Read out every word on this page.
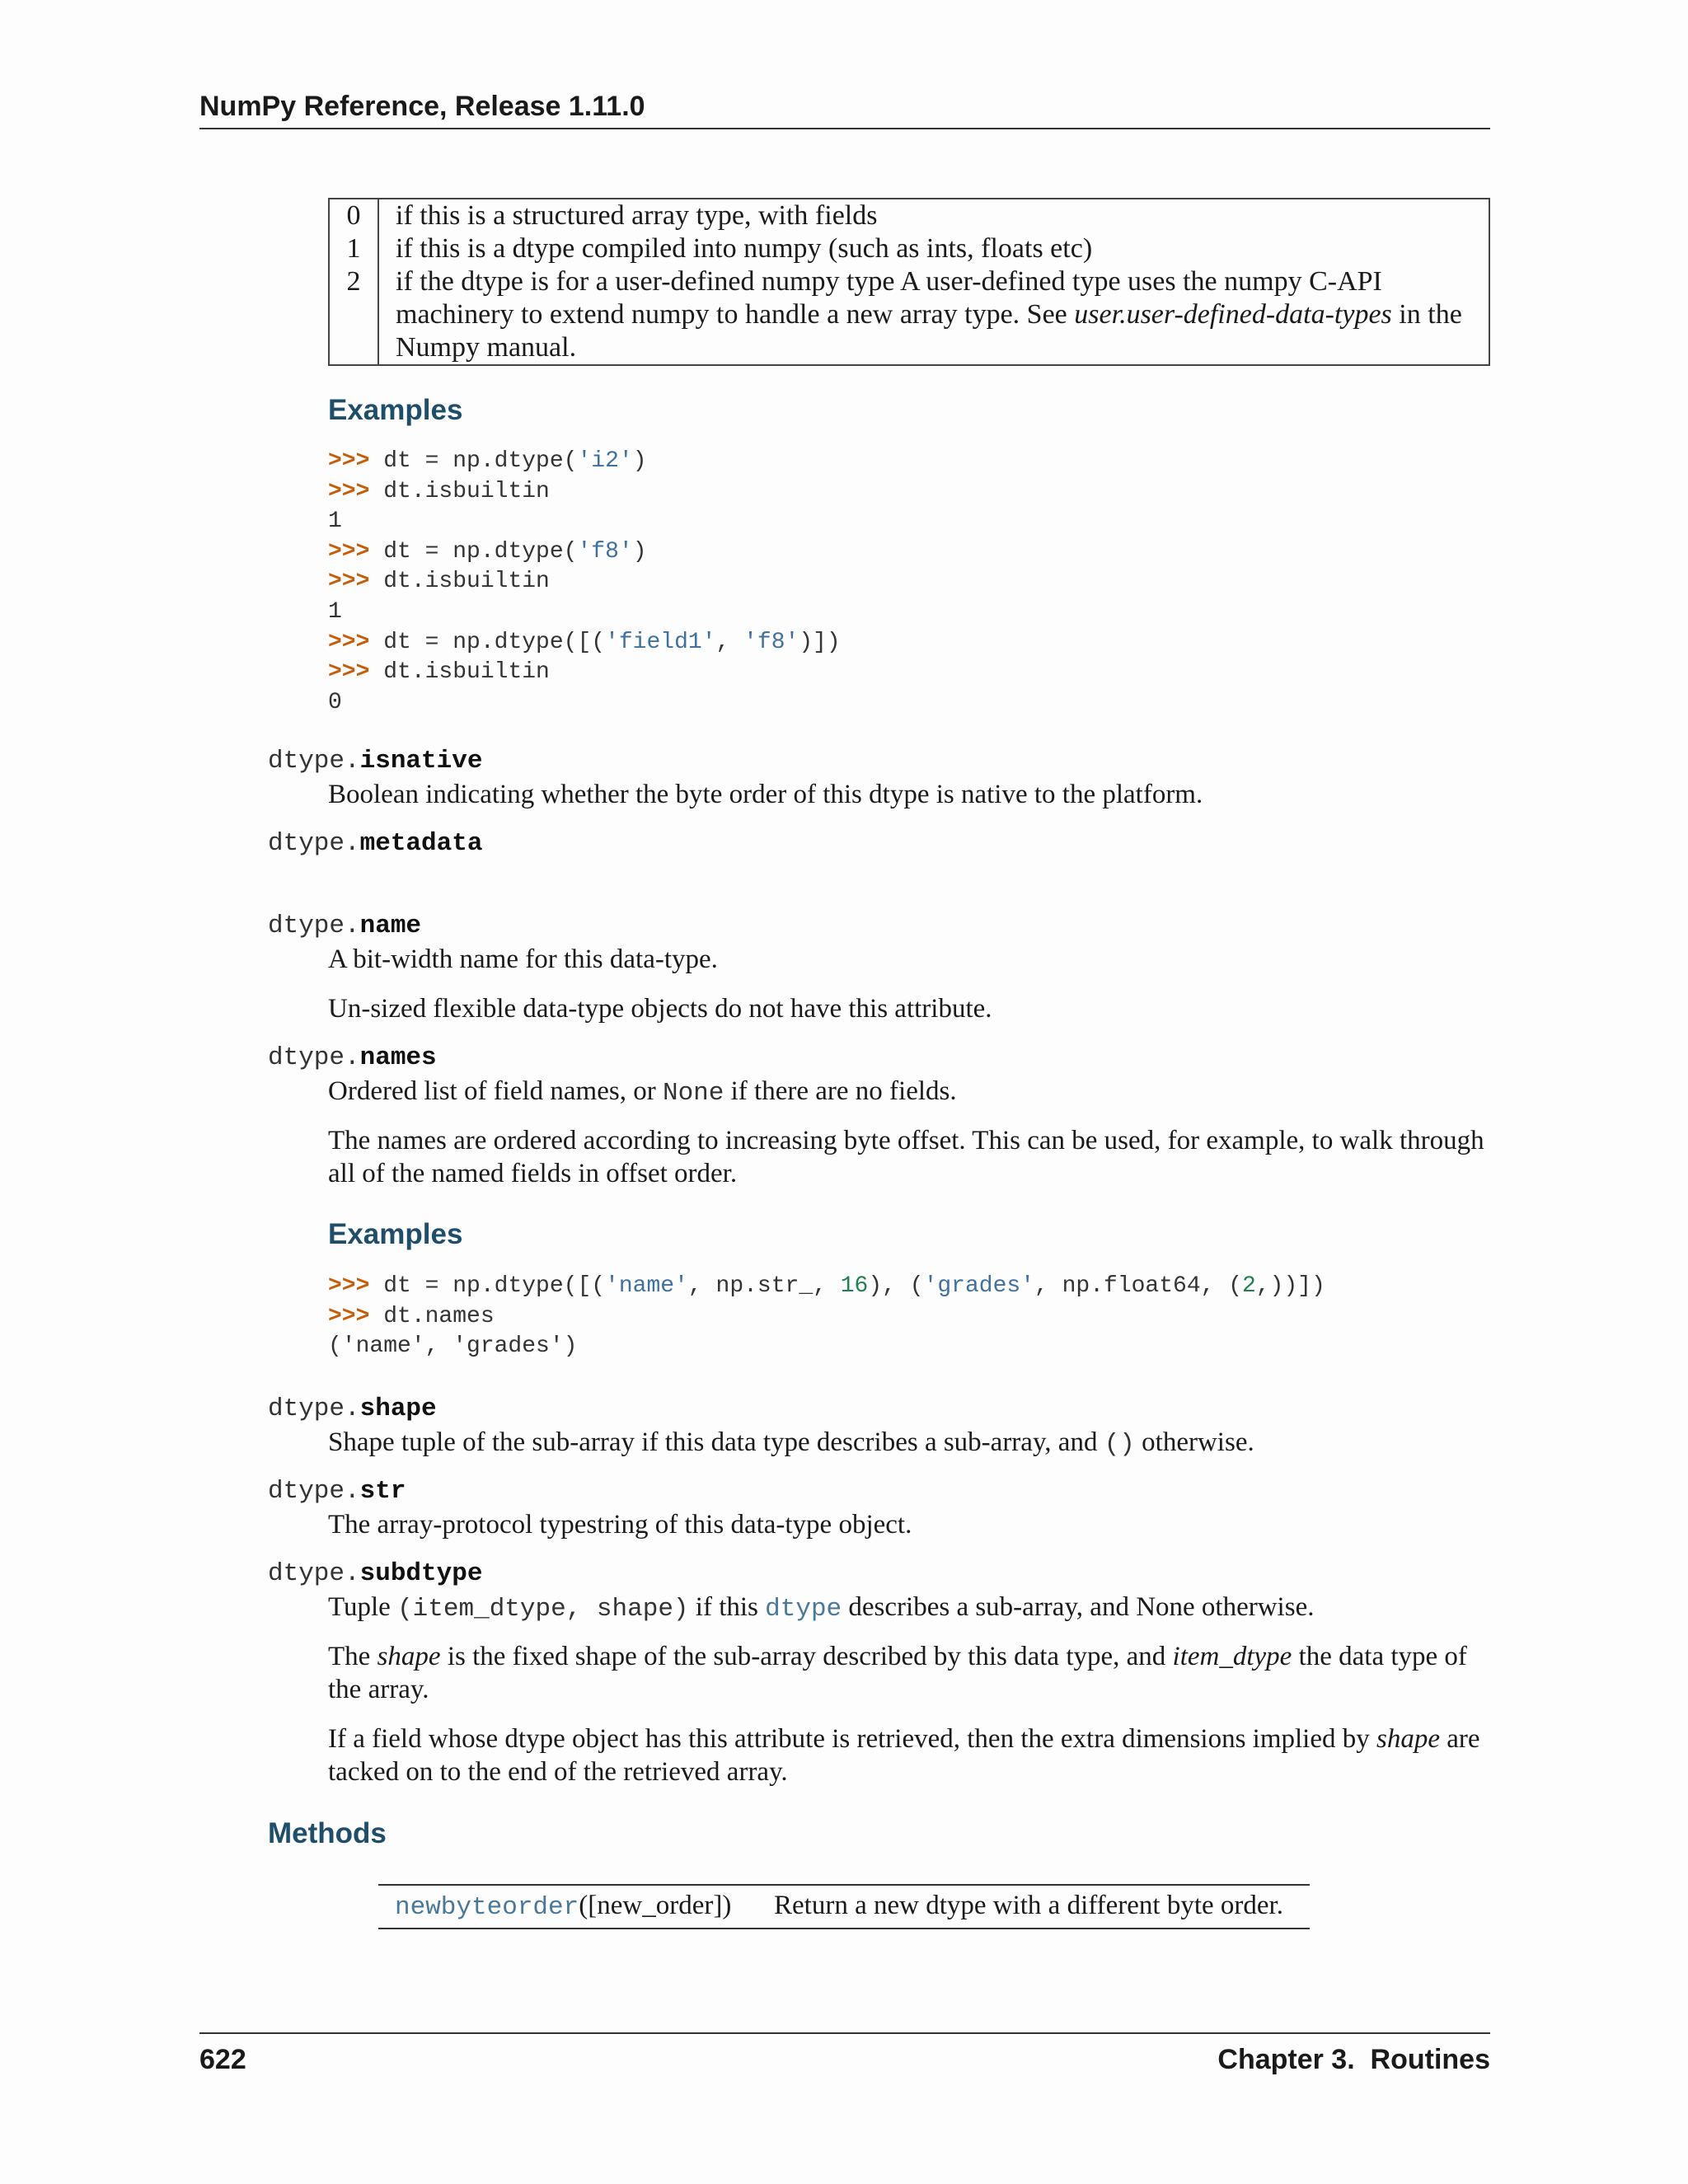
NumPy Reference, Release 1.11.0
0	if this is a structured array type, with fields
1	if this is a dtype compiled into numpy (such as ints, floats etc)
2	if the dtype is for a user-defined numpy type A user-defined type uses the numpy C-API machinery to extend numpy to handle a new array type. See user.user-defined-data-types in the Numpy manual.
Examples
>>> dt = np.dtype('i2')
>>> dt.isbuiltin
1
>>> dt = np.dtype('f8')
>>> dt.isbuiltin
1
>>> dt = np.dtype([('field1', 'f8')])
>>> dt.isbuiltin
0
dtype.isnative
Boolean indicating whether the byte order of this dtype is native to the platform.
dtype.metadata
dtype.name
A bit-width name for this data-type.
Un-sized flexible data-type objects do not have this attribute.
dtype.names
Ordered list of field names, or None if there are no fields.
The names are ordered according to increasing byte offset. This can be used, for example, to walk through all of the named fields in offset order.
Examples
>>> dt = np.dtype([('name', np.str_, 16), ('grades', np.float64, (2,))])
>>> dt.names
('name', 'grades')
dtype.shape
Shape tuple of the sub-array if this data type describes a sub-array, and () otherwise.
dtype.str
The array-protocol typestring of this data-type object.
dtype.subdtype
Tuple (item_dtype, shape) if this dtype describes a sub-array, and None otherwise.
The shape is the fixed shape of the sub-array described by this data type, and item_dtype the data type of the array.
If a field whose dtype object has this attribute is retrieved, then the extra dimensions implied by shape are tacked on to the end of the retrieved array.
Methods
newbyteorder([new_order])	Return a new dtype with a different byte order.
622	Chapter 3.  Routines
